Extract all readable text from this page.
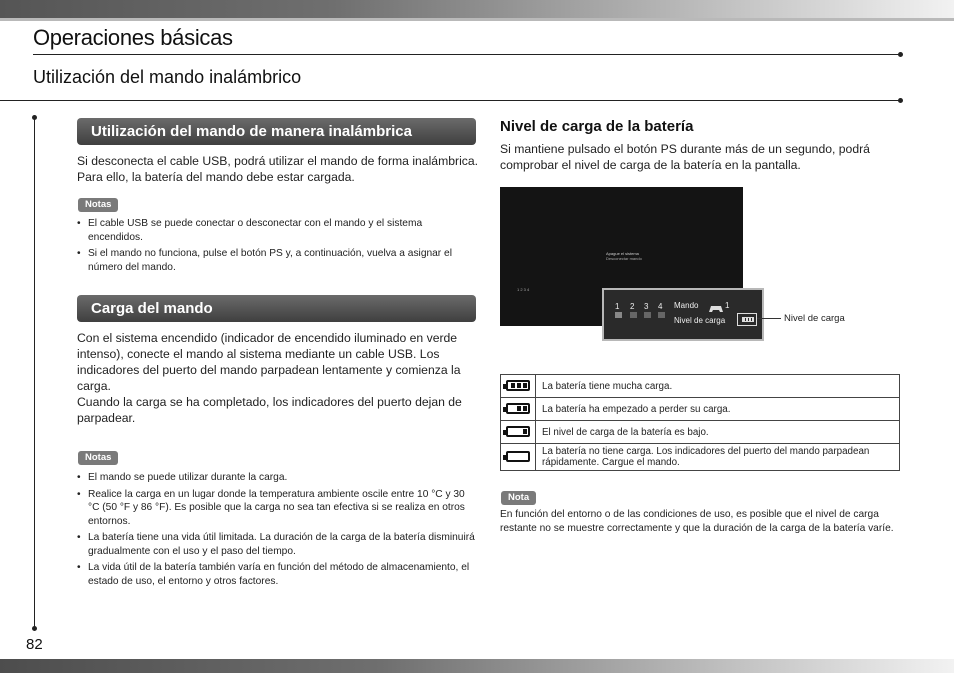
Operaciones básicas
Utilización del mando inalámbrico
Utilización del mando de manera inalámbrica
Si desconecta el cable USB, podrá utilizar el mando de forma inalámbrica. Para ello, la batería del mando debe estar cargada.
Notas
• El cable USB se puede conectar o desconectar con el mando y el sistema encendidos.
• Si el mando no funciona, pulse el botón PS y, a continuación, vuelva a asignar el número del mando.
Carga del mando
Con el sistema encendido (indicador de encendido iluminado en verde intenso), conecte el mando al sistema mediante un cable USB. Los indicadores del puerto del mando parpadean lentamente y comienza la carga.
Cuando la carga se ha completado, los indicadores del puerto dejan de parpadear.
Notas
• El mando se puede utilizar durante la carga.
• Realice la carga en un lugar donde la temperatura ambiente oscile entre 10 °C y 30 °C (50 °F y 86 °F). Es posible que la carga no sea tan efectiva si se realiza en otros entornos.
• La batería tiene una vida útil limitada. La duración de la carga de la batería disminuirá gradualmente con el uso y el paso del tiempo.
• La vida útil de la batería también varía en función del método de almacenamiento, el estado de uso, el entorno y otros factores.
82
Nivel de carga de la batería
Si mantiene pulsado el botón PS durante más de un segundo, podrá comprobar el nivel de carga de la batería en la pantalla.
Apague el sistema
Desconectar mando
1 2 3 4
1 2 3 4 Mando	1
Nivel de carga	Nivel de carga
	La batería tiene mucha carga.

	La batería ha empezado a perder su carga.

	El nivel de carga de la batería es bajo.

	La batería no tiene carga. Los indicadores del puerto del mando parpadean rápidamente. Cargue el mando.
Nota
En función del entorno o de las condiciones de uso, es posible que el nivel de carga restante no se muestre correctamente y que la duración de la carga de la batería varíe.
